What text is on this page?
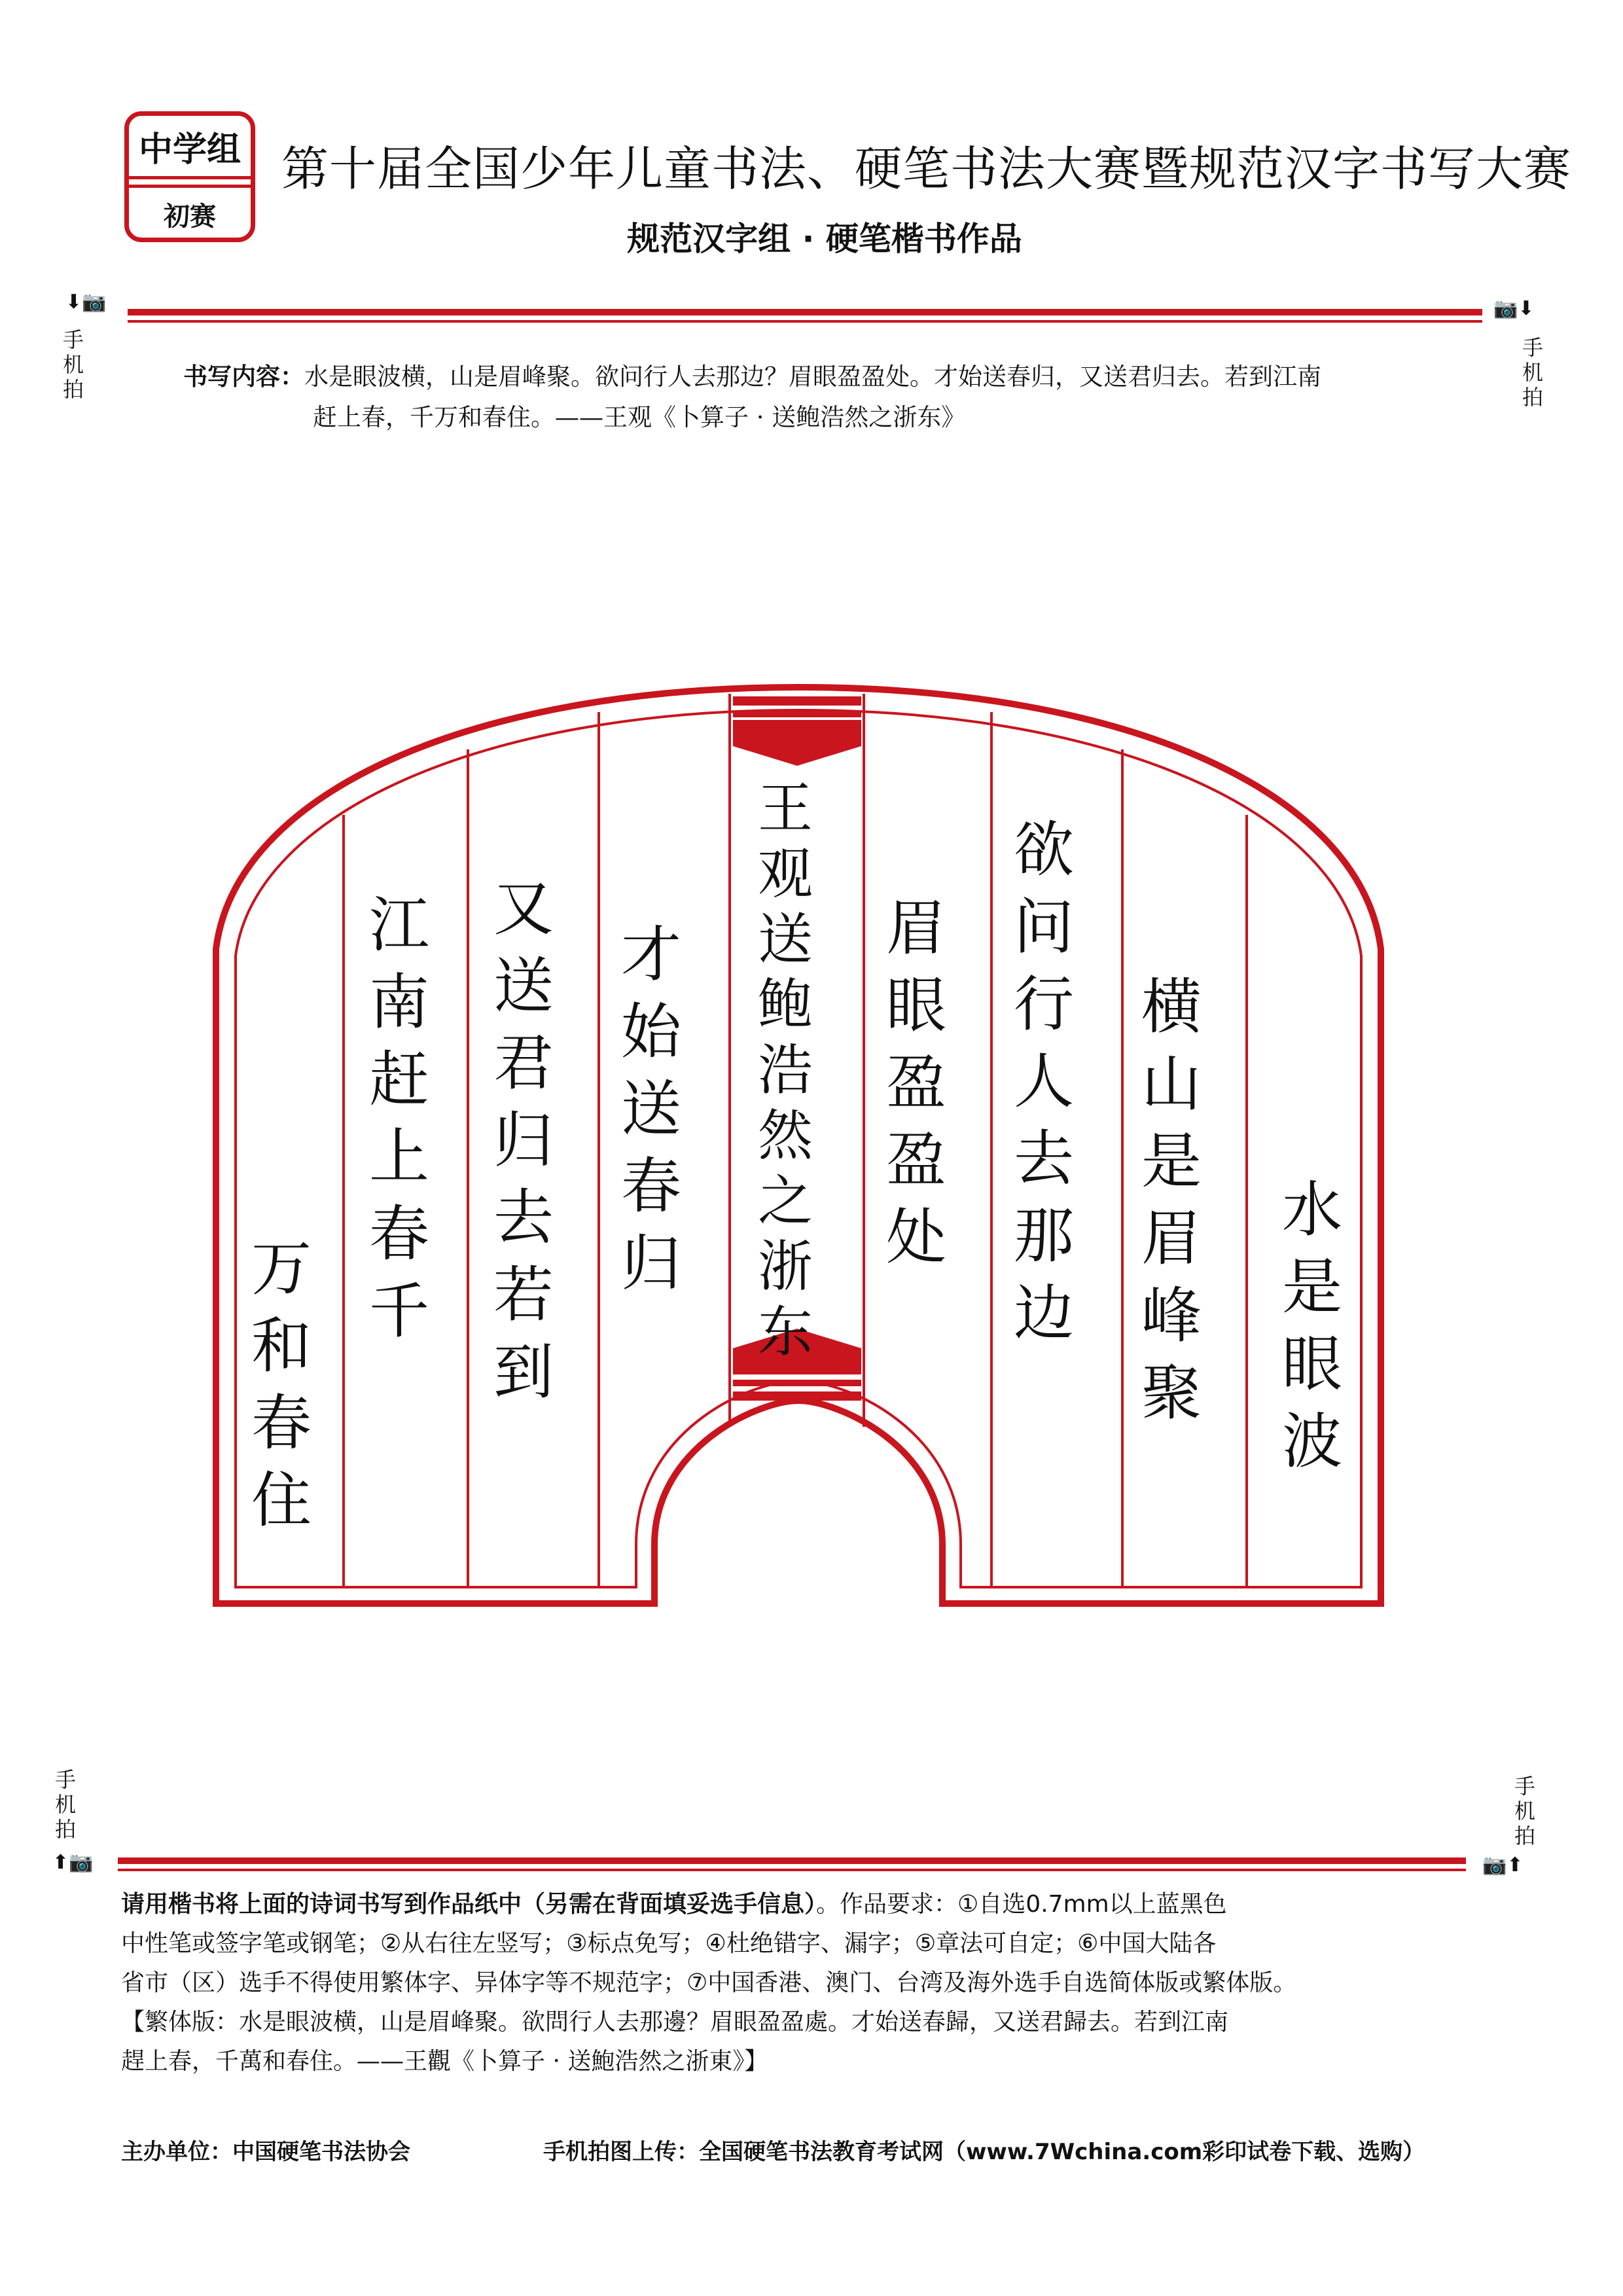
中学组
初赛
第十届全国少年儿童书法、硬笔书法大赛暨规范汉字书写大赛
规范汉字组 · 硬笔楷书作品
⬇📷	📷⬇
手
机
拍
手
机
拍
书写内容：水是眼波横，山是眉峰聚。欲问行人去那边？眉眼盈盈处。才始送春归，又送君归去。若到江南
赶上春，千万和春住。——王观《卜算子 · 送鲍浩然之浙东》
水
是
眼
波
横
山
是
眉
峰
聚
欲
问
行
人
去
那
边
眉
眼
盈
盈
处
王
观
送
鲍
浩
然
之
浙
东
才
始
送
春
归
又
送
君
归
去
若
到
江
南
赶
上
春
千
万
和
春
住
手
机
拍
手
机
拍
⬆📷	📷⬆
请用楷书将上面的诗词书写到作品纸中（另需在背面填妥选手信息）。作品要求：①自选0.7mm以上蓝黑色
中性笔或签字笔或钢笔；②从右往左竖写；③标点免写；④杜绝错字、漏字；⑤章法可自定；⑥中国大陆各
省市（区）选手不得使用繁体字、异体字等不规范字；⑦中国香港、澳门、台湾及海外选手自选简体版或繁体版。
【繁体版：水是眼波横，山是眉峰聚。欲問行人去那邊？眉眼盈盈處。才始送春歸，又送君歸去。若到江南
趕上春，千萬和春住。——王觀《卜算子 · 送鮑浩然之浙東》】
主办单位：中国硬笔书法协会	手机拍图上传：全国硬笔书法教育考试网（www.7Wchina.com彩印试卷下载、选购）
